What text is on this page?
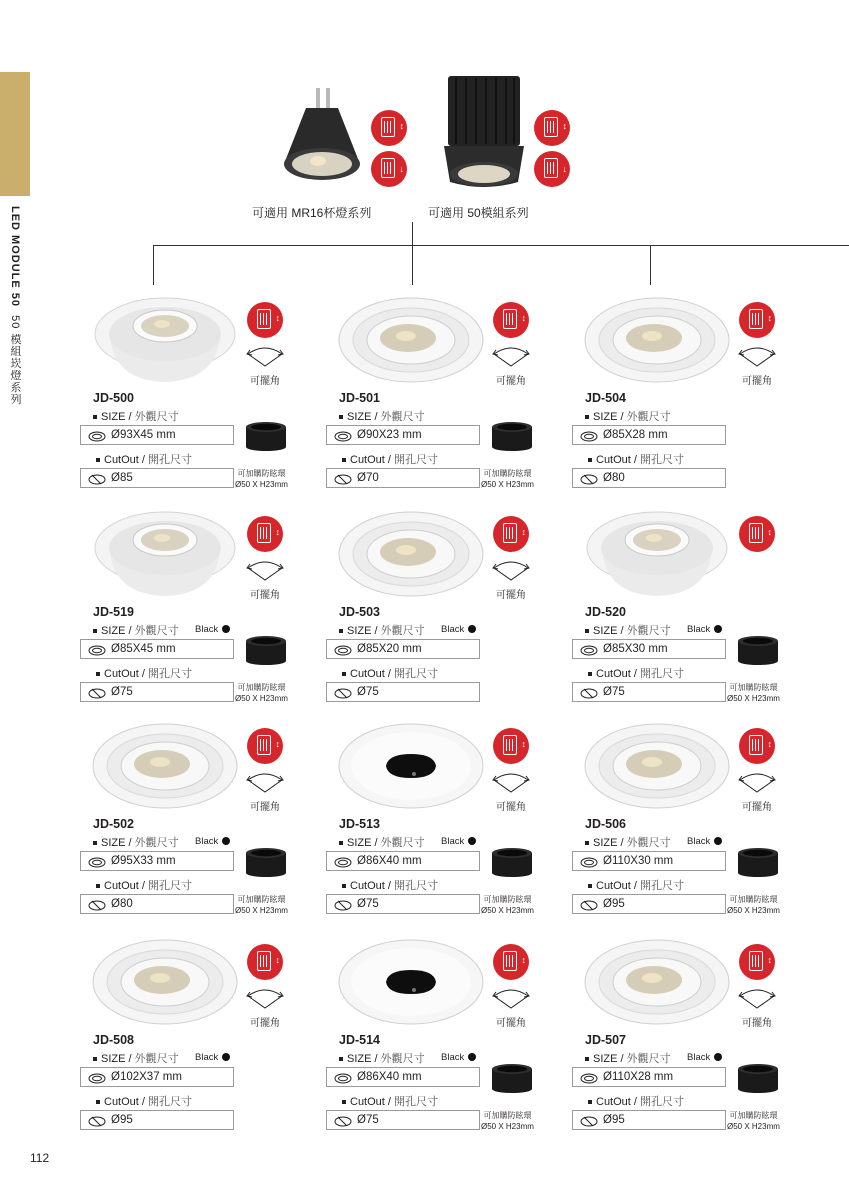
LED MODULE 50  50 模組崁燈系列
↕
↓
↕
↓
可適用 MR16杯燈系列	可適用 50模組系列
↕
可擺角
JD-500
SIZE / 外觀尺寸
Ø93X45 mm
CutOut / 開孔尺寸
Ø85	可加購防眩環
Ø50 X H23mm
↕
可擺角
JD-501
SIZE / 外觀尺寸
Ø90X23 mm
CutOut / 開孔尺寸
Ø70	可加購防眩環
Ø50 X H23mm
↕
可擺角
JD-504
SIZE / 外觀尺寸
Ø85X28 mm
CutOut / 開孔尺寸
Ø80
↕
可擺角
JD-519
SIZE / 外觀尺寸 Black
Ø85X45 mm
CutOut / 開孔尺寸
Ø75	可加購防眩環
Ø50 X H23mm
↕
可擺角
JD-503
SIZE / 外觀尺寸 Black
Ø85X20 mm
CutOut / 開孔尺寸
Ø75
↕
JD-520
SIZE / 外觀尺寸 Black
Ø85X30 mm
CutOut / 開孔尺寸
Ø75	可加購防眩環
Ø50 X H23mm
↕
可擺角
JD-502
SIZE / 外觀尺寸 Black
Ø95X33 mm
CutOut / 開孔尺寸
Ø80	可加購防眩環
Ø50 X H23mm
↕
可擺角
JD-513
SIZE / 外觀尺寸 Black
Ø86X40 mm
CutOut / 開孔尺寸
Ø75	可加購防眩環
Ø50 X H23mm
↕
可擺角
JD-506
SIZE / 外觀尺寸 Black
Ø110X30 mm
CutOut / 開孔尺寸
Ø95	可加購防眩環
Ø50 X H23mm
↕
可擺角
JD-508
SIZE / 外觀尺寸 Black
Ø102X37 mm
CutOut / 開孔尺寸
Ø95
↕
可擺角
JD-514
SIZE / 外觀尺寸 Black
Ø86X40 mm
CutOut / 開孔尺寸
Ø75	可加購防眩環
Ø50 X H23mm
↕
可擺角
JD-507
SIZE / 外觀尺寸 Black
Ø110X28 mm
CutOut / 開孔尺寸
Ø95	可加購防眩環
Ø50 X H23mm
112
